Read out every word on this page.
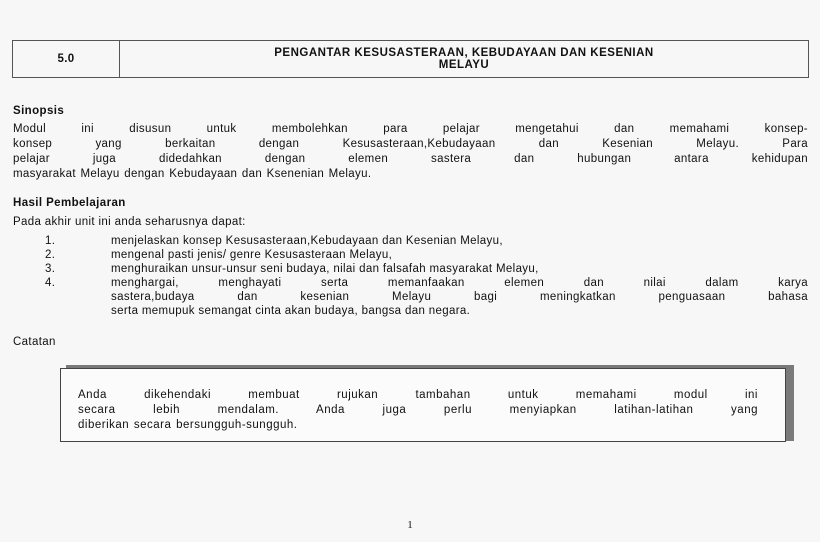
5.0	PENGANTAR KESUSASTERAAN, KEBUDAYAAN DAN KESENIAN
MELAYU
Sinopsis
Modul ini disusun untuk membolehkan para pelajar mengetahui dan memahami konsep-
konsep yang berkaitan dengan Kesusasteraan,Kebudayaan dan Kesenian Melayu. Para
pelajar juga didedahkan dengan elemen sastera dan hubungan antara kehidupan
masyarakat Melayu dengan Kebudayaan dan Ksenenian Melayu.
Hasil Pembelajaran
Pada akhir unit ini anda seharusnya dapat:
1.	menjelaskan konsep Kesusasteraan,Kebudayaan dan Kesenian Melayu,
2.	mengenal pasti jenis/ genre Kesusasteraan Melayu,
3.	menghuraikan unsur-unsur seni budaya, nilai dan falsafah masyarakat Melayu,
4.	menghargai, menghayati serta memanfaakan elemen dan nilai dalam karya
sastera,budaya dan kesenian Melayu bagi meningkatkan penguasaan bahasa
serta memupuk semangat cinta akan budaya, bangsa dan negara.
Catatan
Anda dikehendaki membuat rujukan tambahan untuk memahami modul ini
secara lebih mendalam. Anda juga perlu menyiapkan latihan-latihan yang
diberikan secara bersungguh-sungguh.
1
